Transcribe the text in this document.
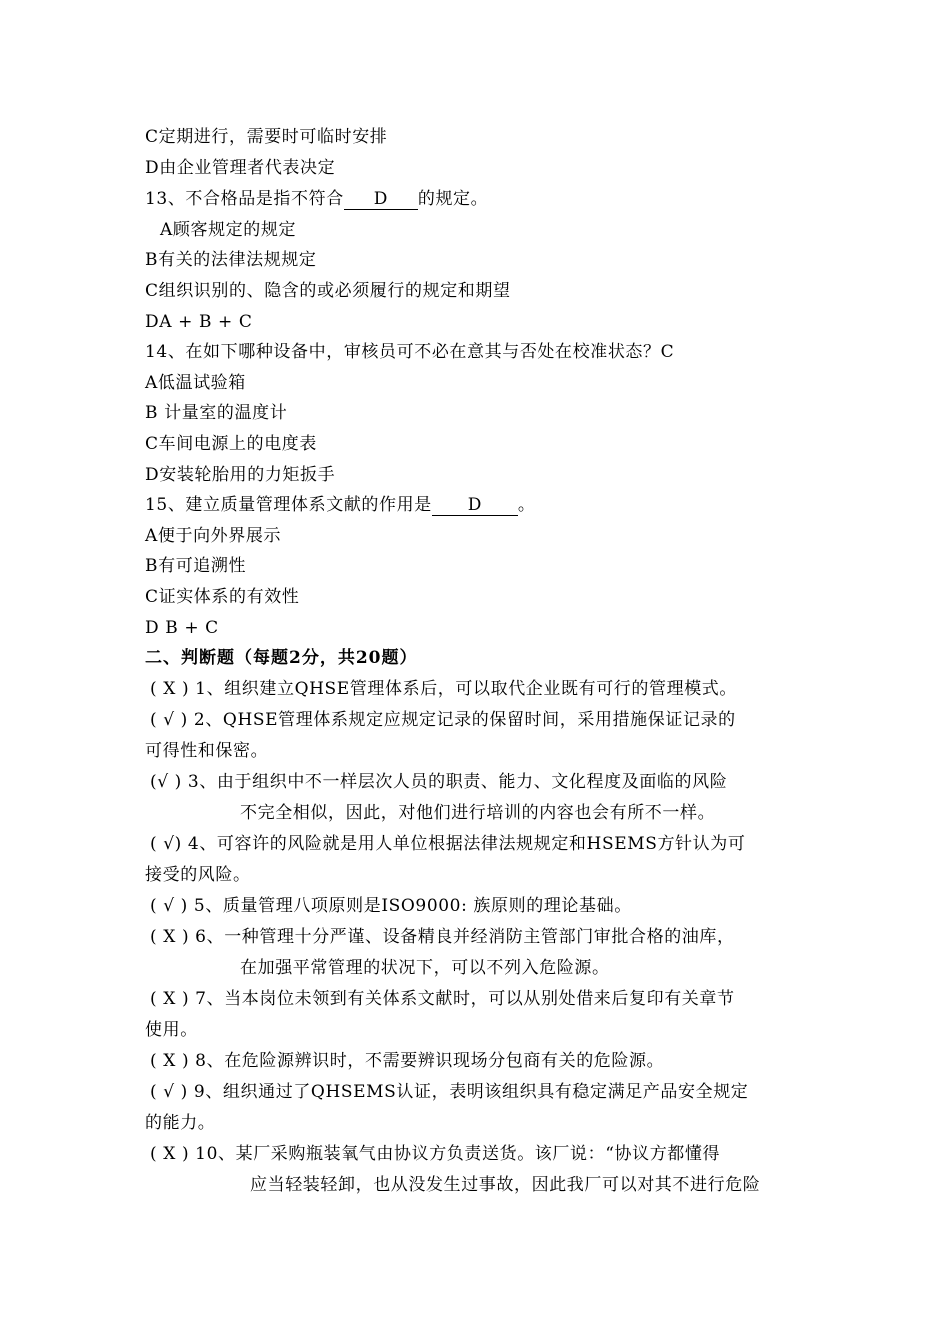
C定期进行，需要时可临时安排
D由企业管理者代表决定
13、不合格品是指不符合 D 的规定。
A顾客规定的规定
B有关的法律法规规定
C组织识别的、隐含的或必须履行的规定和期望
DA + B + C
14、在如下哪种设备中，审核员可不必在意其与否处在校准状态？C
A低温试验箱
B 计量室的温度计
C车间电源上的电度表
D安装轮胎用的力矩扳手
15、建立质量管理体系文献的作用是 D 。
A便于向外界展示
B有可追溯性
C证实体系的有效性
D B + C
二、判断题（每题2分，共20题）
( X ) 1、组织建立QHSE管理体系后，可以取代企业既有可行的管理模式。
( √ ) 2、QHSE管理体系规定应规定记录的保留时间，采用措施保证记录的
可得性和保密。
(√ ) 3、由于组织中不一样层次人员的职责、能力、文化程度及面临的风险
不完全相似，因此，对他们进行培训的内容也会有所不一样。
( √) 4、可容许的风险就是用人单位根据法律法规规定和HSEMS方针认为可
接受的风险。
( √ ) 5、质量管理八项原则是ISO9000: 族原则的理论基础。
( X ) 6、一种管理十分严谨、设备精良并经消防主管部门审批合格的油库，
在加强平常管理的状况下，可以不列入危险源。
( X ) 7、当本岗位未领到有关体系文献时，可以从别处借来后复印有关章节
使用。
( X ) 8、在危险源辨识时，不需要辨识现场分包商有关的危险源。
( √ ) 9、组织通过了QHSEMS认证，表明该组织具有稳定满足产品安全规定
的能力。
( X ) 10、某厂采购瓶装氧气由协议方负责送货。该厂说：“协议方都懂得
应当轻装轻卸，也从没发生过事故，因此我厂可以对其不进行危险
